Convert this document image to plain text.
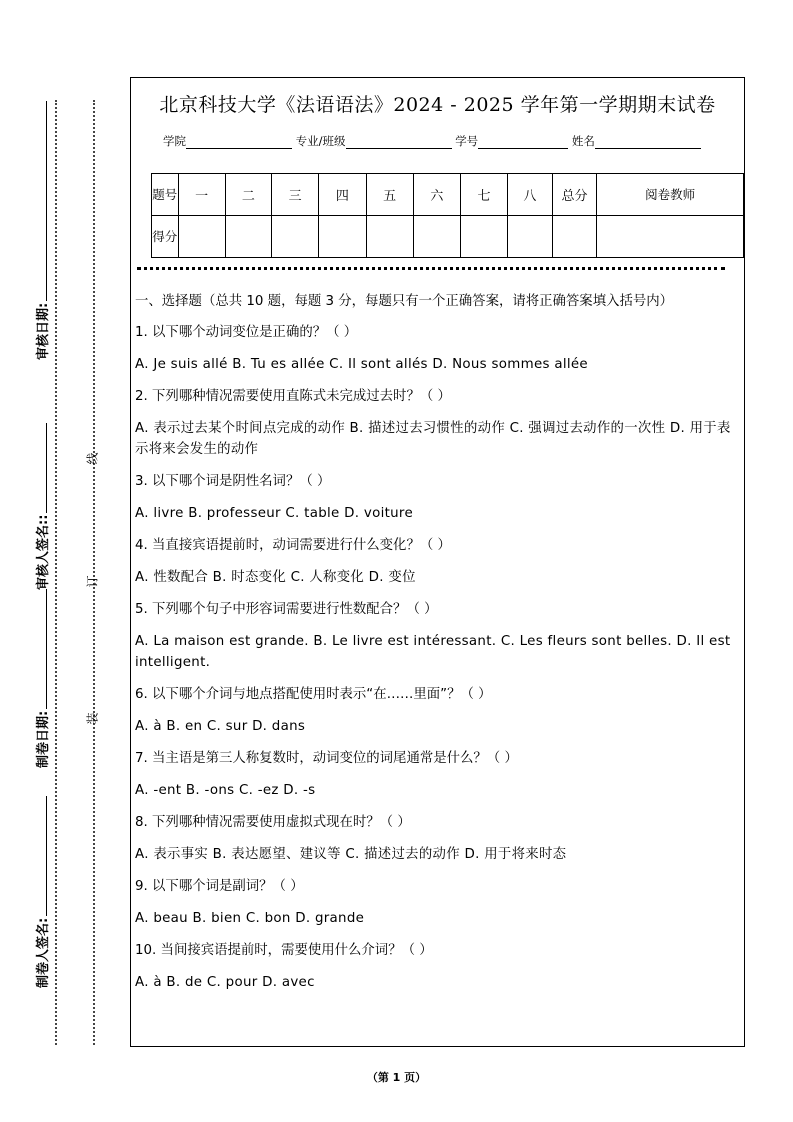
审核日期:
审核人签名::
制卷日期:
制卷人签名:
线
订
装
北京科技大学《法语语法》2024 - 2025 学年第一学期期末试卷
学院	专业/班级	学号	姓名
题号	一	二	三	四	五	六	七	八	总分	阅卷教师
得分										

一、选择题（总共 10 题，每题 3 分，每题只有一个正确答案，请将正确答案填入括号内）

1. 以下哪个动词变位是正确的？（ ）

A. Je suis allé B. Tu es allée C. Il sont allés D. Nous sommes allée

2. 下列哪种情况需要使用直陈式未完成过去时？（ ）

A. 表示过去某个时间点完成的动作 B. 描述过去习惯性的动作 C. 强调过去动作的一次性 D. 用于表示将来会发生的动作

3. 以下哪个词是阴性名词？（ ）

A. livre B. professeur C. table D. voiture

4. 当直接宾语提前时，动词需要进行什么变化？（ ）

A. 性数配合 B. 时态变化 C. 人称变化 D. 变位

5. 下列哪个句子中形容词需要进行性数配合？（ ）

A. La maison est grande. B. Le livre est intéressant. C. Les fleurs sont belles. D. Il est intelligent.

6. 以下哪个介词与地点搭配使用时表示“在……里面”？（ ）

A. à B. en C. sur D. dans

7. 当主语是第三人称复数时，动词变位的词尾通常是什么？（ ）

A. -ent B. -ons C. -ez D. -s

8. 下列哪种情况需要使用虚拟式现在时？（ ）

A. 表示事实 B. 表达愿望、建议等 C. 描述过去的动作 D. 用于将来时态

9. 以下哪个词是副词？（ ）

A. beau B. bien C. bon D. grande

10. 当间接宾语提前时，需要使用什么介词？（ ）

A. à B. de C. pour D. avec

（第 1 页）
